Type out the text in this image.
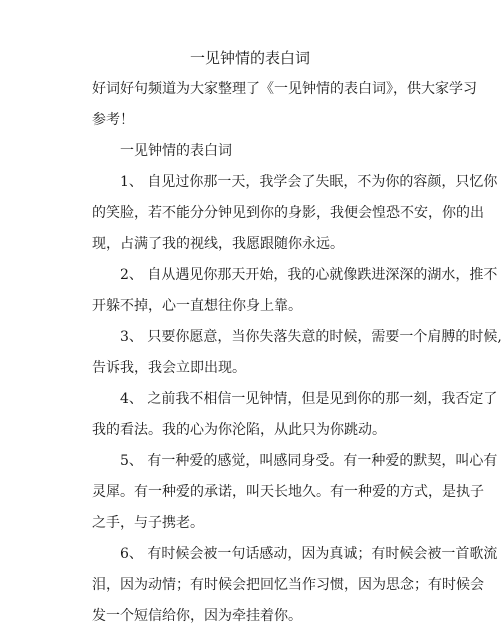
一见钟情的表白词

好词好句频道为大家整理了《一见钟情的表白词》，供大家学习
参考！

一见钟情的表白词

1、 自见过你那一天，我学会了失眠，不为你的容颜，只忆你
的笑脸，若不能分分钟见到你的身影，我便会惶恐不安，你的出
现，占满了我的视线，我愿跟随你永远。

2、 自从遇见你那天开始，我的心就像跌进深深的湖水，推不
开躲不掉，心一直想往你身上靠。

3、 只要你愿意，当你失落失意的时候，需要一个肩膊的时候,
告诉我，我会立即出现。

4、 之前我不相信一见钟情，但是见到你的那一刻，我否定了
我的看法。我的心为你沦陷，从此只为你跳动。

5、 有一种爱的感觉，叫感同身受。有一种爱的默契，叫心有
灵犀。有一种爱的承诺，叫天长地久。有一种爱的方式，是执子
之手，与子携老。

6、 有时候会被一句话感动，因为真诚；有时候会被一首歌流
泪，因为动情；有时候会把回忆当作习惯，因为思念；有时候会
发一个短信给你，因为牵挂着你。
